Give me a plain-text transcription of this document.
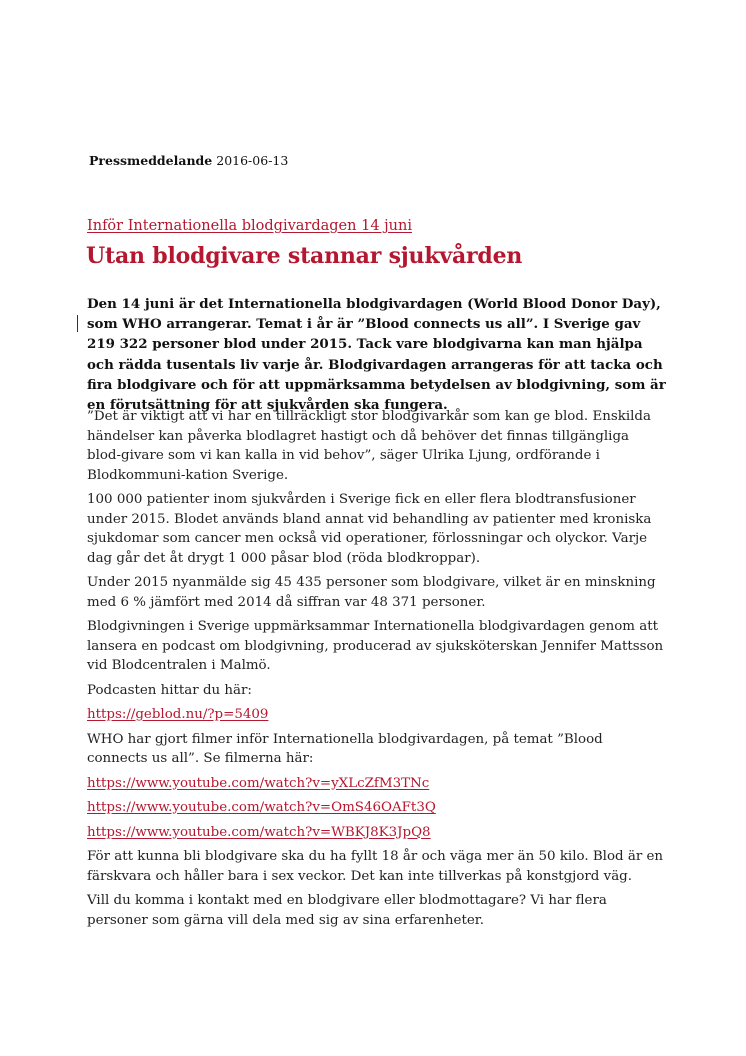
Pressmeddelande 2016-06-13
Inför Internationella blodgivardagen 14 juni
Utan blodgivare stannar sjukvården

Den 14 juni är det Internationella blodgivardagen (World Blood Donor Day), som WHO arrangerar. Temat i år är ”Blood connects us all”. I Sverige gav 219 322 personer blod under 2015. Tack vare blodgivarna kan man hjälpa och rädda tusentals liv varje år. Blodgivardagen arrangeras för att tacka och fira blodgivare och för att uppmärksamma betydelsen av blodgivning, som är en förutsättning för att sjukvården ska fungera.

”Det är viktigt att vi har en tillräckligt stor blodgivarkår som kan ge blod. Enskilda händelser kan påverka blodlagret hastigt och då behöver det finnas tillgängliga blod-givare som vi kan kalla in vid behov”, säger Ulrika Ljung, ordförande i Blodkommuni-kation Sverige.

100 000 patienter inom sjukvården i Sverige fick en eller flera blodtransfusioner under 2015. Blodet används bland annat vid behandling av patienter med kroniska sjukdomar som cancer men också vid operationer, förlossningar och olyckor. Varje dag går det åt drygt 1 000 påsar blod (röda blodkroppar).

Under 2015 nyanmälde sig 45 435 personer som blodgivare, vilket är en minskning med 6 % jämfört med 2014 då siffran var 48 371 personer.

Blodgivningen i Sverige uppmärksammar Internationella blodgivardagen genom att lansera en podcast om blodgivning, producerad av sjuksköterskan Jennifer Mattsson vid Blodcentralen i Malmö.

Podcasten hittar du här:

https://geblod.nu/?p=5409

WHO har gjort filmer inför Internationella blodgivardagen, på temat ”Blood connects us all”. Se filmerna här:

https://www.youtube.com/watch?v=yXLcZfM3TNc

https://www.youtube.com/watch?v=OmS46OAFt3Q

https://www.youtube.com/watch?v=WBKJ8K3JpQ8

För att kunna bli blodgivare ska du ha fyllt 18 år och väga mer än 50 kilo. Blod är en färskvara och håller bara i sex veckor. Det kan inte tillverkas på konstgjord väg.

Vill du komma i kontakt med en blodgivare eller blodmottagare? Vi har flera personer som gärna vill dela med sig av sina erfarenheter.
